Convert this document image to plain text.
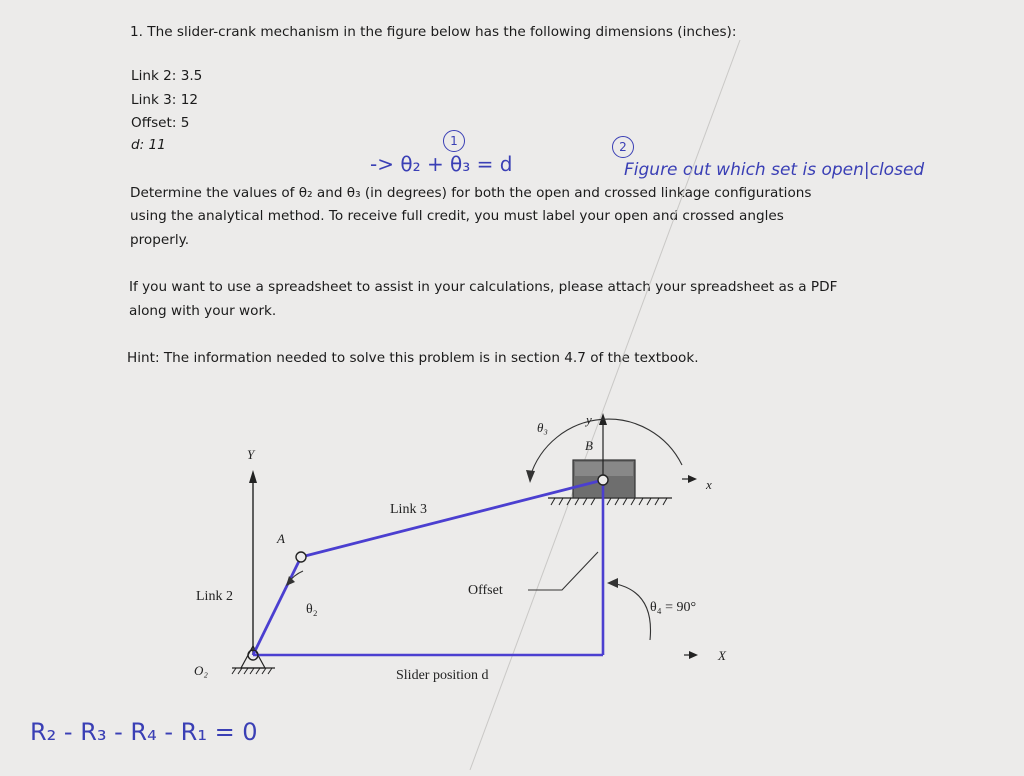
1. The slider-crank mechanism in the figure below has the following dimensions (inches):
Link 2: 3.5
Link 3: 12
Offset: 5
d: 11
Determine the values of θ₂ and θ₃ (in degrees) for both the open and crossed linkage configurations
using the analytical method. To receive full credit, you must label your open and crossed angles
properly.
If you want to use a spreadsheet to assist in your calculations, please attach your spreadsheet as a PDF
along with your work.
Hint: The information needed to solve this problem is in section 4.7 of the textbook.
1	2
-> θ₂ + θ₃ = d	Figure out which set is open|closed
R₂ - R₃ - R₄ - R₁ = 0
θ₃
y
B
x
Y
Link 3
A
Link 2
θ₂
Offset
θ₄ = 90°
O₂
X
Slider position d
